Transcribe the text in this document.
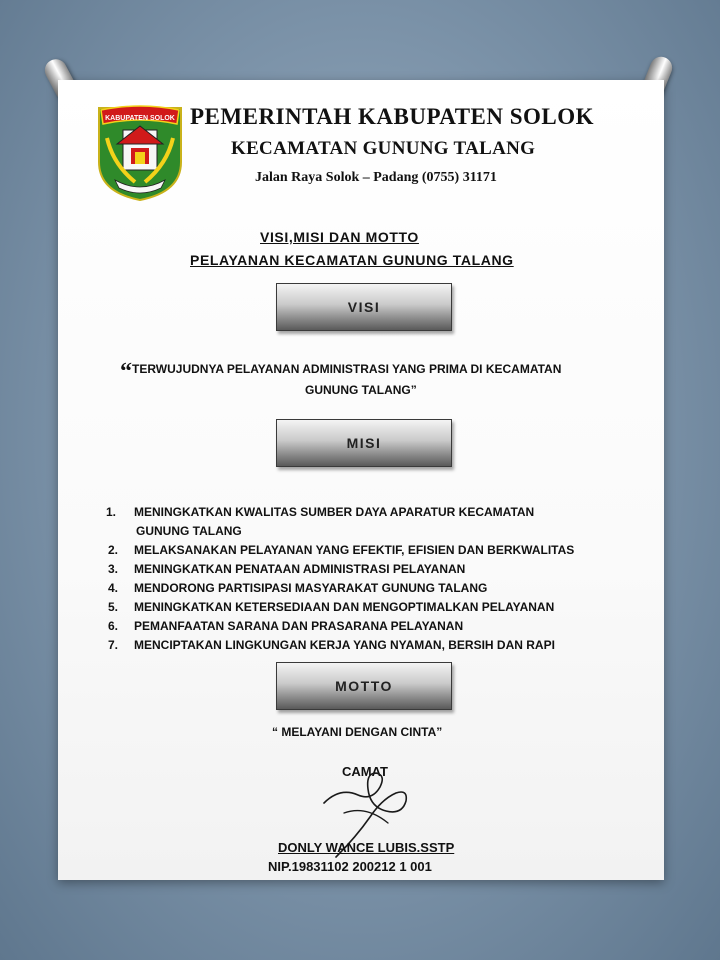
KABUPATEN SOLOK PEMERINTAH KABUPATEN SOLOK
KECAMATAN GUNUNG TALANG
Jalan Raya Solok – Padang (0755) 31171
VISI,MISI DAN MOTTO
PELAYANAN KECAMATAN GUNUNG TALANG
VISI
“TERWUJUDNYA PELAYANAN ADMINISTRASI YANG PRIMA DI KECAMATAN
GUNUNG TALANG”
MISI
1. MENINGKATKAN KWALITAS SUMBER DAYA APARATUR KECAMATAN
GUNUNG TALANG
2. MELAKSANAKAN PELAYANAN YANG EFEKTIF, EFISIEN DAN BERKWALITAS
3. MENINGKATKAN PENATAAN ADMINISTRASI PELAYANAN
4. MENDORONG PARTISIPASI MASYARAKAT GUNUNG TALANG
5. MENINGKATKAN KETERSEDIAAN DAN MENGOPTIMALKAN PELAYANAN
6. PEMANFAATAN SARANA DAN PRASARANA PELAYANAN
7. MENCIPTAKAN LINGKUNGAN KERJA YANG NYAMAN, BERSIH DAN RAPI
MOTTO
“ MELAYANI DENGAN CINTA”
CAMAT
DONLY WANCE LUBIS.SSTP
NIP.19831102 200212 1 001
